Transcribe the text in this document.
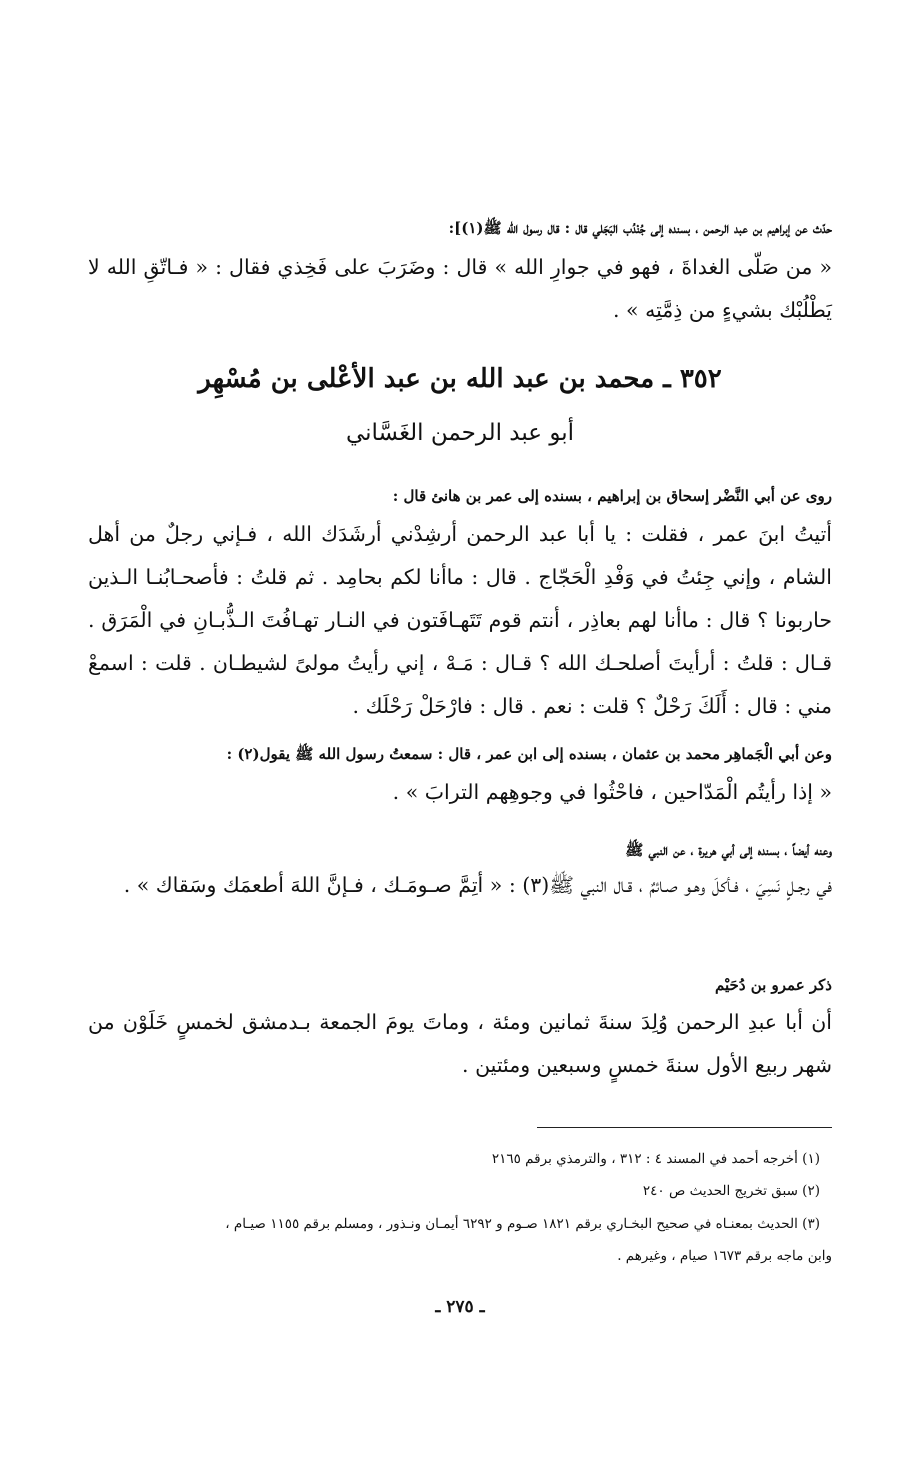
حدّث عن إبراهيم بن عبد الرحمن ، بسنده إلى جُنْدُب البَجَلي قال : قال رسول الله ﷺ(١)]:
« من صَلّى الغداةَ ، فهو في جوارِ الله » قال : وضَرَبَ على فَخِذي فقال : « فـاتّقِ الله لا يَطْلُبْك بشيءٍ من ذِمَّتِه » .
٣٥٢ ـ محمد بن عبد الله بن عبد الأعْلى بن مُسْهِر
أبو عبد الرحمن الغَسَّاني
روى عن أبي النَّضْر إسحاق بن إبراهيم ، بسنده إلى عمر بن هانئ قال :
أتيتُ ابنَ عمر ، فقلت : يا أبا عبد الرحمن أرشِدْني أرشَدَك الله ، فـإني رجلٌ من أهل الشام ، وإني جِئتُ في وَفْدِ الْحَجّاج . قال : ماأنا لكم بحامِد . ثم قلتُ : فأصحـابُنـا الـذين حاربونا ؟ قال : ماأنا لهم بعاذِر ، أنتم قوم تَتَهـافَتون في النـار تهـافُتَ الـذُّبـانِ في الْمَرَق . قـال : قلتُ : أرأيتَ أصلحـك الله ؟ قـال : مَـهْ ، إني رأيتُ مولىً لشيطـان . قلت : اسمعْ مني : قال : أَلَكَ رَحْلٌ ؟ قلت : نعم . قال : فارْحَلْ رَحْلَك .
وعن أبي الْجَماهِر محمد بن عثمان ، بسنده إلى ابن عمر ، قال : سمعتُ رسول الله ﷺ يقول(٢) :
« إذا رأيتُم الْمَدّاحين ، فاحْثُوا في وجوهِهم الترابَ » .
وعنه أيضاً ، بسنده إلى أبي هريرة ، عن النبي ﷺ
في رجـلٍ نَسِيَ ، فـأكلَ وهـو صـائمٌ ، قـال النبي ﷺ(٣) : « أتِمَّ صـومَـك ، فـإنَّ اللهَ أطعمَك وسَقاك » .
ذكر عمرو بن دُحَيْم
أن أبا عبدِ الرحمن وُلِدَ سنةَ ثمانين ومئة ، وماتَ يومَ الجمعة بـدمشق لخمسٍ خَلَوْن من شهر ربيع الأول سنةَ خمسٍ وسبعين ومئتين .
(١) أخرجه أحمد في المسند ٤ : ٣١٢ ، والترمذي برقم ٢١٦٥
(٢) سبق تخريج الحديث ص ٢٤٠
(٣) الحديث بمعنـاه في صحيح البخـاري برقم ١٨٢١ صـوم و ٦٢٩٢ أيمـان ونـذور ، ومسلم برقم ١١٥٥ صيـام ،
وابن ماجه برقم ١٦٧٣ صيام ، وغيرهم .
ـ ٢٧٥ ـ
